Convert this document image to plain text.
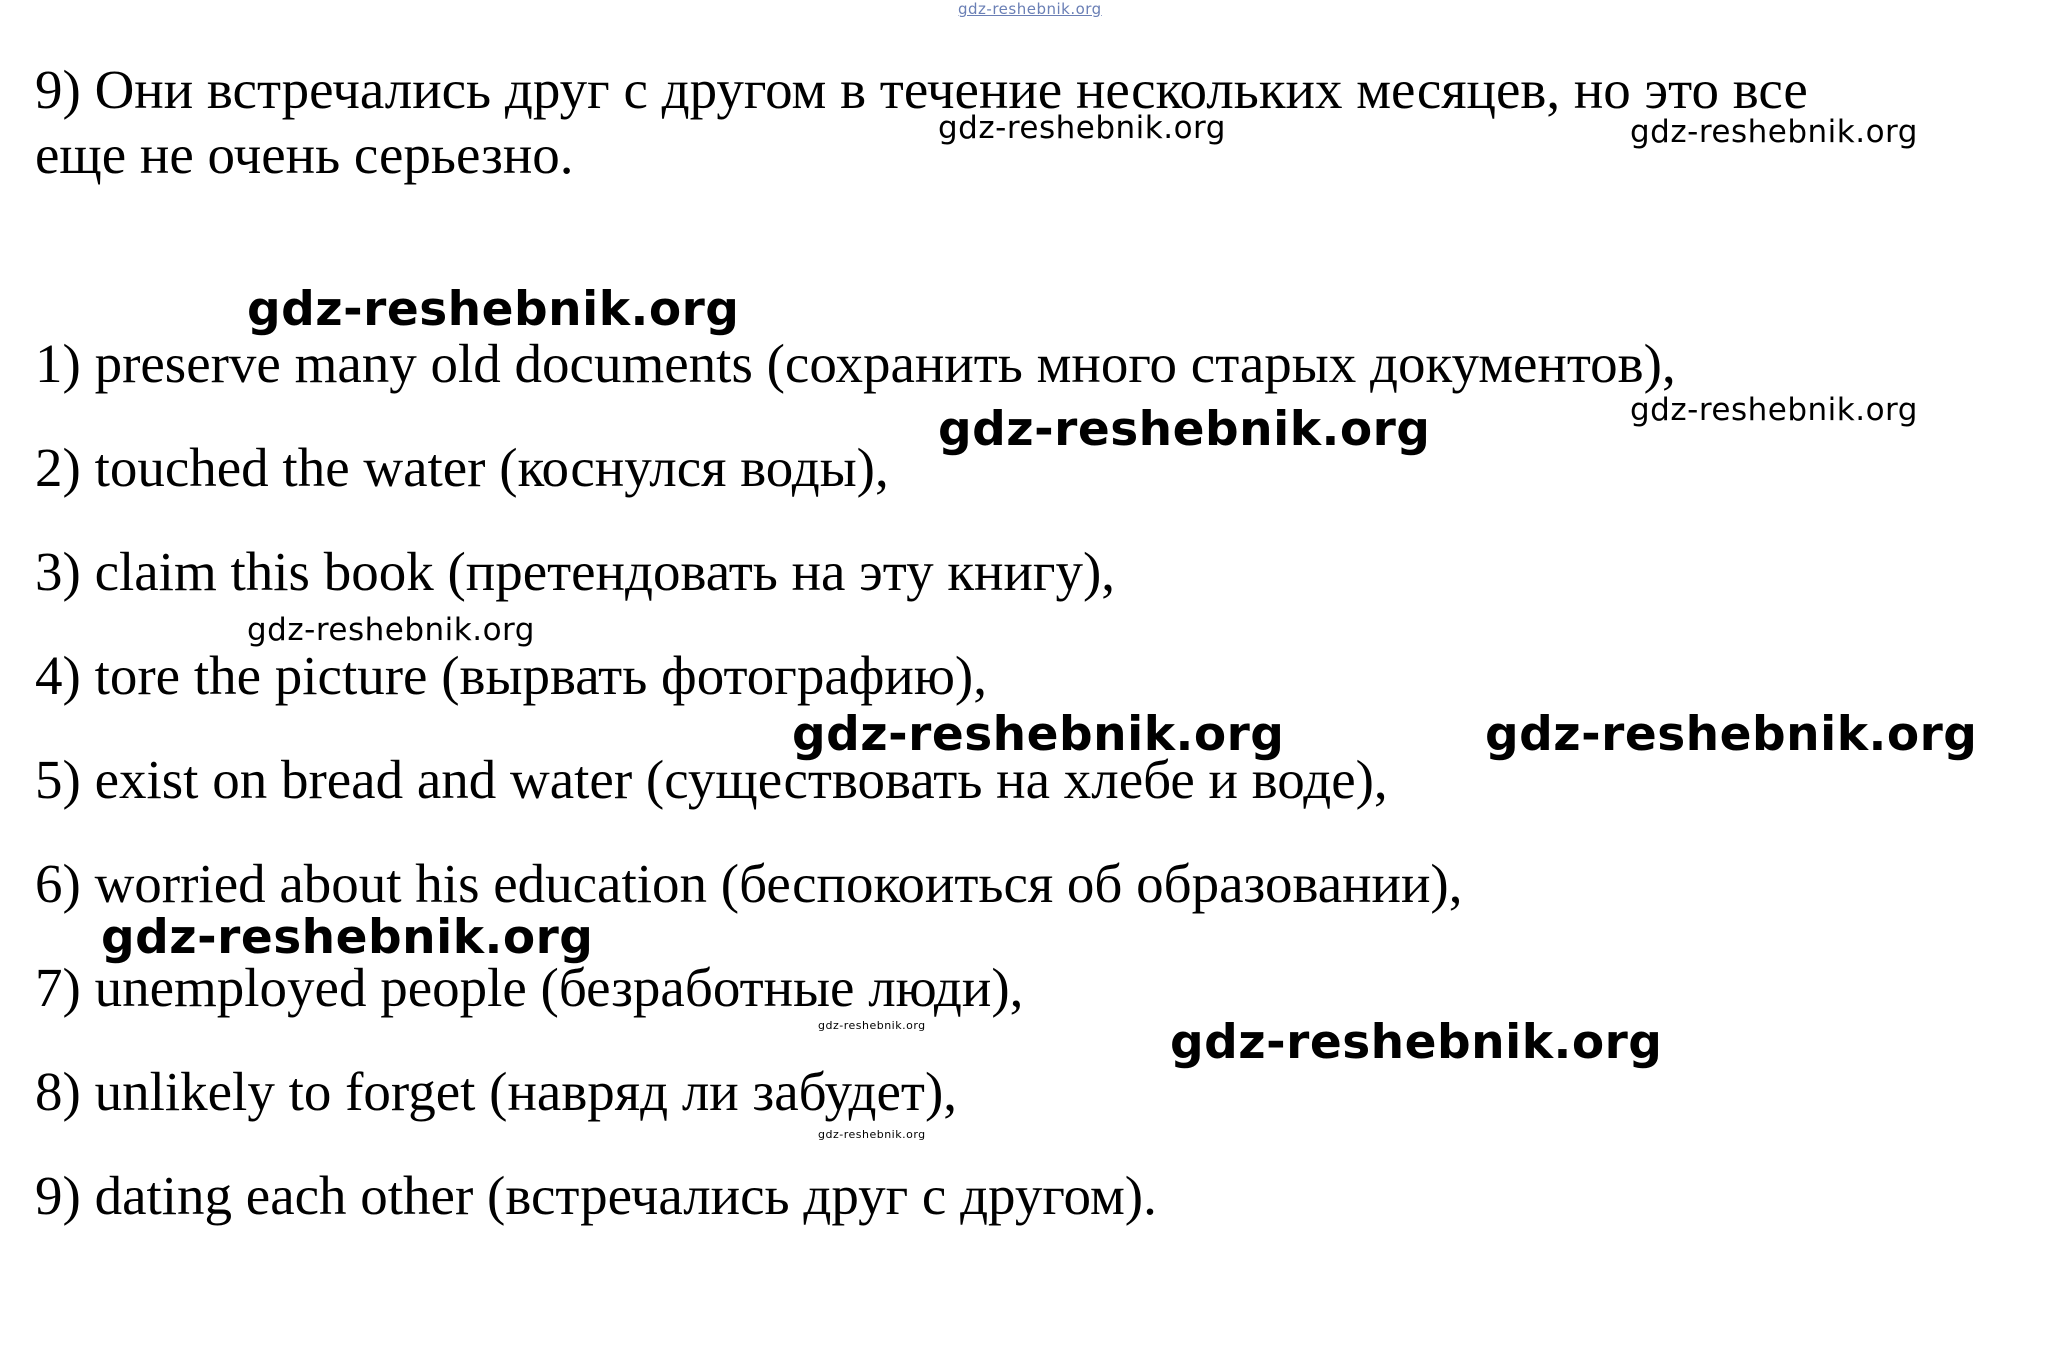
gdz-reshebnik.org

9) Они встречались друг с другом в течение нескольких месяцев, но это все

еще не очень серьезно.

1) preserve many old documents (сохранить много старых документов),

2) touched the water (коснулся воды),

3) claim this book (претендовать на эту книгу),

4) tore the picture (вырвать фотографию),

5) exist on bread and water (существовать на хлебе и воде),

6) worried about his education (беспокоиться об образовании),

7) unemployed people (безработные люди),

8) unlikely to forget (навряд ли забудет),

9) dating each other (встречались друг с другом).

gdz-reshebnik.org	gdz-reshebnik.org
gdz-reshebnik.org
gdz-reshebnik.org	gdz-reshebnik.org
gdz-reshebnik.org
gdz-reshebnik.org	gdz-reshebnik.org
gdz-reshebnik.org
gdz-reshebnik.org	gdz-reshebnik.org
gdz-reshebnik.org
